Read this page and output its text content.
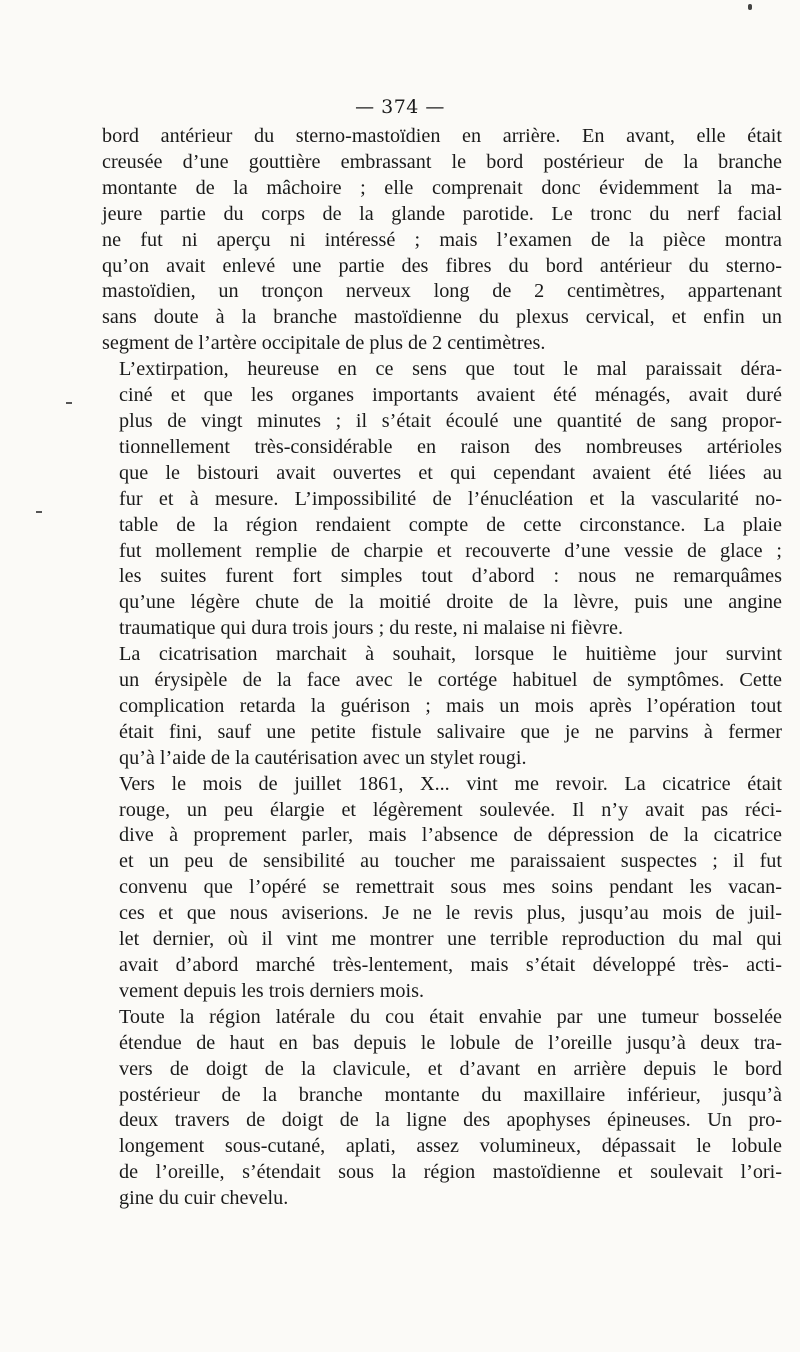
— 374 —

bord antérieur du sterno-mastoïdien en arrière. En avant, elle était
creusée d’une gouttière embrassant le bord postérieur de la branche
montante de la mâchoire ; elle comprenait donc évidemment la ma-
jeure partie du corps de la glande parotide. Le tronc du nerf facial
ne fut ni aperçu ni intéressé ; mais l’examen de la pièce montra
qu’on avait enlevé une partie des fibres du bord antérieur du sterno-
mastoïdien, un tronçon nerveux long de 2 centimètres, appartenant
sans doute à la branche mastoïdienne du plexus cervical, et enfin un
segment de l’artère occipitale de plus de 2 centimètres.

L’extirpation, heureuse en ce sens que tout le mal paraissait déra-
ciné et que les organes importants avaient été ménagés, avait duré
plus de vingt minutes ; il s’était écoulé une quantité de sang propor-
tionnellement très-considérable en raison des nombreuses artérioles
que le bistouri avait ouvertes et qui cependant avaient été liées au
fur et à mesure. L’impossibilité de l’énucléation et la vascularité no-
table de la région rendaient compte de cette circonstance. La plaie
fut mollement remplie de charpie et recouverte d’une vessie de glace ;
les suites furent fort simples tout d’abord : nous ne remarquâmes
qu’une légère chute de la moitié droite de la lèvre, puis une angine
traumatique qui dura trois jours ; du reste, ni malaise ni fièvre.

La cicatrisation marchait à souhait, lorsque le huitième jour survint
un érysipèle de la face avec le cortége habituel de symptômes. Cette
complication retarda la guérison ; mais un mois après l’opération tout
était fini, sauf une petite fistule salivaire que je ne parvins à fermer
qu’à l’aide de la cautérisation avec un stylet rougi.

Vers le mois de juillet 1861, X... vint me revoir. La cicatrice était
rouge, un peu élargie et légèrement soulevée. Il n’y avait pas réci-
dive à proprement parler, mais l’absence de dépression de la cicatrice
et un peu de sensibilité au toucher me paraissaient suspectes ; il fut
convenu que l’opéré se remettrait sous mes soins pendant les vacan-
ces et que nous aviserions. Je ne le revis plus, jusqu’au mois de juil-
let dernier, où il vint me montrer une terrible reproduction du mal qui
avait d’abord marché très-lentement, mais s’était développé très- acti-
vement depuis les trois derniers mois.

Toute la région latérale du cou était envahie par une tumeur bosselée
étendue de haut en bas depuis le lobule de l’oreille jusqu’à deux tra-
vers de doigt de la clavicule, et d’avant en arrière depuis le bord
postérieur de la branche montante du maxillaire inférieur, jusqu’à
deux travers de doigt de la ligne des apophyses épineuses. Un pro-
longement sous-cutané, aplati, assez volumineux, dépassait le lobule
de l’oreille, s’étendait sous la région mastoïdienne et soulevait l’ori-
gine du cuir chevelu.
